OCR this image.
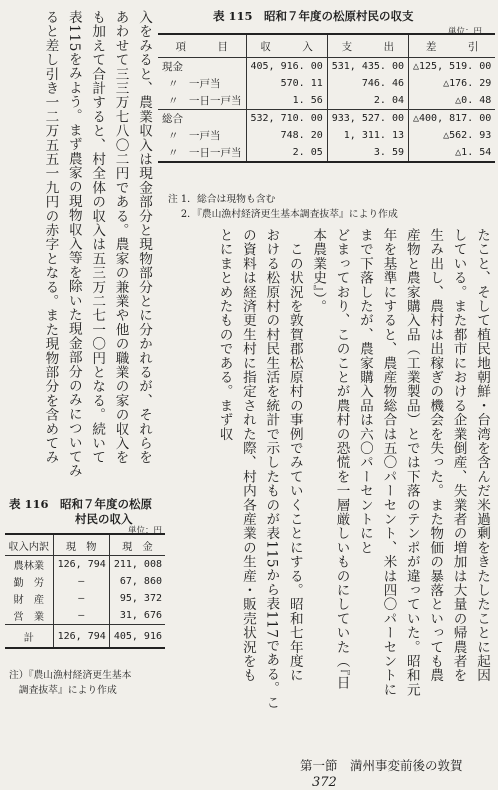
入をみると、農業収入は現金部分と現物部分とに分かれるが、それらを

あわせて三三万七八〇二円である。農家の兼業や他の職業の家の収入を

も加えて合計すると、村全体の収入は五三万二七一〇円となる。続いて

表115をみよう。まず農家の現物収入等を除いた現金部分のみについてみ

ると差し引き一二万五五一九円の赤字となる。また現物部分を含めてみ	表 115　昭和７年度の松原村民の収支
単位：円
項　　　目	収　　　入	支　　　出	差　　　引
現金	405, 916. 00	531, 435. 00	△125, 519. 00
〃　一戸当	570. 11	746. 46	△176. 29
〃　一日一戸当	1. 56	2. 04	△0. 48
総合	532, 710. 00	933, 527. 00	△400, 817. 00
〃　一戸当	748. 20	1, 311. 13	△562. 93
〃　一日一戸当	2. 05	3. 59	△1. 54
注 1．総合は現物も含む
　 2．『農山漁村経済更生基本調査抜萃』により作成

たこと、そして植民地朝鮮・台湾を含んだ米過剰をきたしたことに起因

している。また都市における企業倒産、失業者の増加は大量の帰農者を

生み出し、農村は出稼ぎの機会を失った。また物価の暴落といっても農

産物と農家購入品（工業製品）とでは下落のテンポが違っていた。昭和元

年を基準にすると、農産物総合は五〇パーセント、米は四〇パーセントに

まで下落したが、農家購入品は六〇パーセントにと

どまっており、このことが農村の恐慌を一層厳しいものにしていた（『日

本農業史』）。

　この状況を敦賀郡松原村の事例でみていくことにする。昭和七年度に

おける松原村の村民生活を統計で示したものが表115から表117である。こ

の資料は経済更生村に指定された際、村内各産業の生産・販売状況をも

とにまとめたものである。まず収

表 116　昭和７年度の松原
村民の収入
単位：円
収入内訳	現　物	現　金
農林業	126, 794	211, 008
勤　労	―	67, 860
財　産	―	95, 372
営　業	―	31, 676
計	126, 794	405, 916
注）『農山漁村経済更生基本
　調査抜萃』により作成
第一節　満州事変前後の敦賀 372
